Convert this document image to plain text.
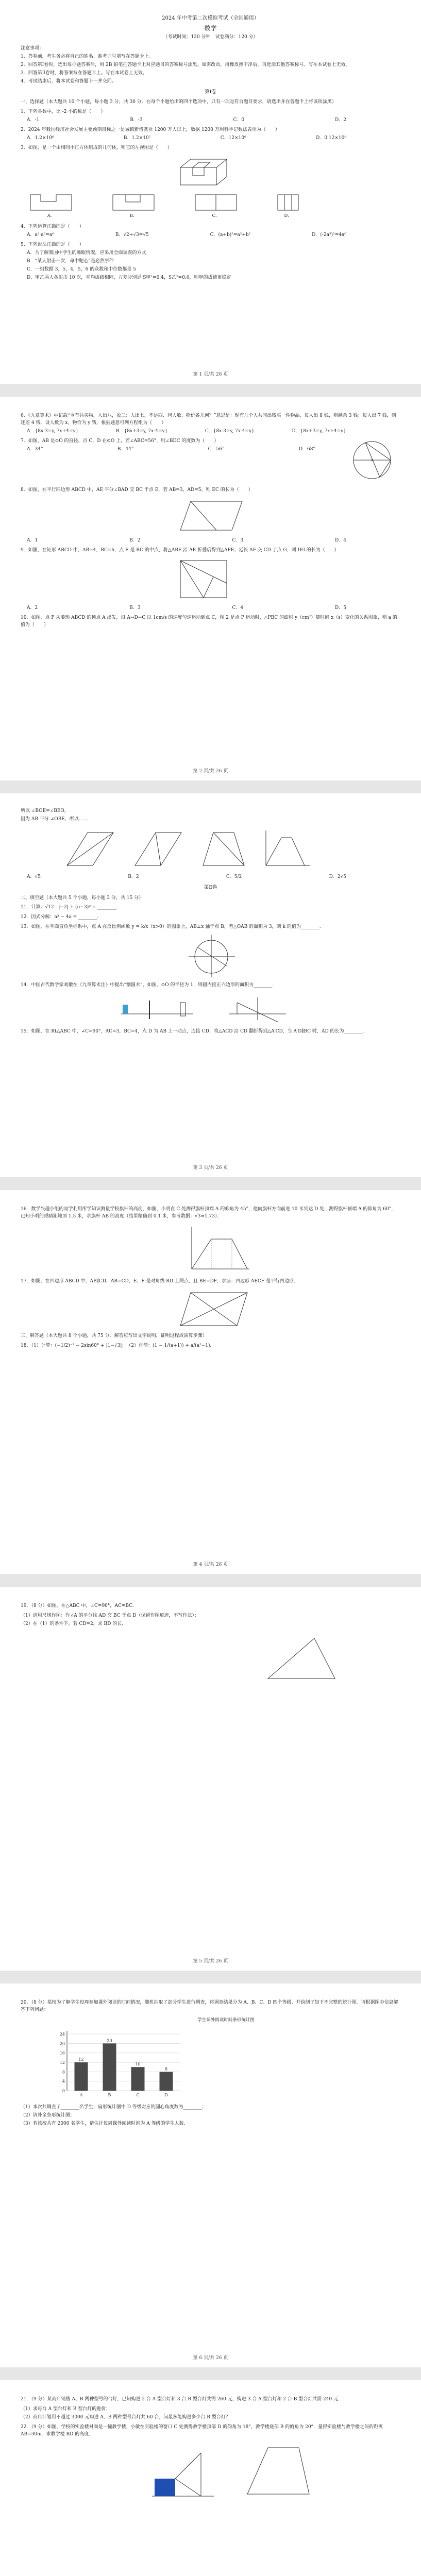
2024 年中考第二次模拟考试（全国通用）
数学
（考试时间：120 分钟　试卷满分：120 分）

注意事项：

1．答卷前，考生务必将自己的姓名、准考证号填写在答题卡上。

2．回答第Ⅰ卷时，选出每小题答案后，用 2B 铅笔把答题卡上对应题目的答案标号涂黑。如需改动，用橡皮擦干净后，再选涂其他答案标号。写在本试卷上无效。

3．回答第Ⅱ卷时，将答案写在答题卡上。写在本试卷上无效。

4．考试结束后，将本试卷和答题卡一并交回。

第Ⅰ卷

一、选择题（本大题共 10 个小题，每小题 3 分，共 30 分．在每个小题给出的四个选项中，只有一项是符合题目要求，请选出并在答题卡上将该项涂黑）

1．下列各数中，比 -2 小的数是（　　）

A．-1	B．-3	C．0	D．2

2．2024 年我国经济社会发展主要预期目标之一是城镇新增就业 1200 万人以上，数据 1200 万用科学记数法表示为（　　）

A．1.2×10⁶	B．1.2×10⁷	C．12×10⁶	D．0.12×10⁸

3．如图，是一个由相同小正方体组成的几何体，则它的左视图是（　　）

A．	B．	C．	D．

4．下列运算正确的是（　　）

A．a²·a³=a⁶	B．√2+√3=√5	C．(a+b)²=a²+b²	D．(-2a³)²=4a⁶

5．下列说法正确的是（　　）

A．为了解我国中学生的睡眠情况，应采用全面调查的方式

B．“某人射击一次，命中靶心”是必然事件

C．一组数据 3，5，4，5，6 的众数和中位数都是 5

D．甲乙两人各射击 10 次，平均成绩相同，方差分别是 S甲²=0.4，S乙²=0.6，则甲的成绩更稳定

第 1 页/共 26 页

6．《九章算术》中记载“今有共买物，人出八，盈三；人出七，不足四．问人数、物价各几何？”意思是：现有几个人共同出钱买一件物品，每人出 8 钱，则剩余 3 钱；每人出 7 钱，则还差 4 钱．设人数为 x，物价为 y 钱，根据题意可列方程组为（　　）

A．{8x-3=y, 7x+4=y}	B．{8x+3=y, 7x-4=y}	C．{8x-3=y, 7x-4=y}	D．{8x+3=y, 7x+4=y}

7．如图，AB 是⊙O 的直径，点 C，D 在⊙O 上，若∠ABC=56°，则∠BDC 的度数为（　　）

A．34°	B．44°	C．56°	D．68°

8．如图，在平行四边形 ABCD 中，AE 平分∠BAD 交 BC 于点 E，若 AB=3，AD=5，则 EC 的长为（　　）

A．1	B．2	C．3	D．4

9．如图，在矩形 ABCD 中，AB=4，BC=6，点 E 是 BC 的中点，将△ABE 沿 AE 折叠后得到△AFE，延长 AF 交 CD 于点 G，则 DG 的长为（　　）

A．2	B．3	C．4	D．5

10．如图，点 P 从菱形 ABCD 的顶点 A 出发，沿 A→D→C 以 1cm/s 的速度匀速运动到点 C，图 2 是点 P 运动时，△PBC 的面积 y（cm²）随时间 x（s）变化的关系图象，则 a 的值为（　　）

第 2 页/共 26 页

所以 ∠BOE=∠BEO，

因为 AB 平分 ∠OBE，所以……

A．√5	B．2	C．5/2	D．2√5
第Ⅱ卷

二、填空题（本大题共 5 个小题，每小题 3 分，共 15 分）

11．计算：√12 - |−2| + (π−3)⁰ = ________．

12．因式分解：a³ − 4a = ________．

13．如图，在平面直角坐标系中，点 A 在反比例函数 y = k/x（x>0）的图象上，AB⊥x 轴于点 B，若△OAB 的面积为 3，则 k 的值为________．

14．中国古代数学家刘徽在《九章算术注》中提出“割圆术”，如图，⊙O 的半径为 1，则圆内接正六边形的面积为________．

15．如图，在 Rt△ABC 中，∠C=90°，AC=3，BC=4，点 D 为 AB 上一动点，连接 CD，将△ACD 沿 CD 翻折得到△A′CD，当 A′D∥BC 时，AD 的长为________．

第 3 页/共 26 页

16．数学兴趣小组的同学利用所学知识测量学校旗杆的高度，如图，小明在 C 处测得旗杆顶端 A 的仰角为 45°，他向旗杆方向前进 10 米到达 D 处，测得旗杆顶端 A 的仰角为 60°，已知小明的眼睛距地面 1.5 米，求旗杆 AB 的高度（结果精确到 0.1 米，参考数据：√3≈1.73）．

17．如图，在四边形 ABCD 中，AB∥CD，AB=CD，E、F 是对角线 BD 上两点，且 BE=DF，求证：四边形 AECF 是平行四边形．

三、解答题（本大题共 8 个小题，共 75 分．解答应写出文字说明，证明过程或演算步骤）

18．（1）计算：(−1/2)⁻² − 2sin60° + |1−√3|；　（2）化简：(1 − 1/(a+1)) ÷ a/(a²−1)．

第 4 页/共 26 页

19．（8 分）如图，在△ABC 中，∠C=90°，AC=BC．

（1）请用尺规作图：作∠A 的平分线 AD 交 BC 于点 D（保留作图痕迹，不写作法）；

（2）在（1）的条件下，若 CD=2，求 BD 的长．

第 5 页/共 26 页

20．（8 分）某校为了解学生每周参加课外阅读的时间情况，随机抽取了部分学生进行调查，将调查结果分为 A、B、C、D 四个等级，并绘制了如下不完整的统计图．请根据图中信息解答下列问题：

学生课外阅读时间条形统计图
0
4
8
12
16
20
24
A
12
B
20
C
10
D
8

（1）本次共调查了________名学生；扇形统计图中 D 等级对应的圆心角度数为________；

（2）请补全条形统计图；

（3）若该校共有 2000 名学生，请估计每周课外阅读时间为 A 等级的学生人数．

第 6 页/共 26 页

21．（9 分）某商店销售 A、B 两种型号的台灯，已知购进 2 台 A 型台灯和 3 台 B 型台灯共需 260 元，购进 3 台 A 型台灯和 2 台 B 型台灯共需 240 元．

（1）求每台 A 型台灯和 B 型台灯的进价；

（2）商店计划用不超过 3000 元购进 A、B 两种型号台灯共 60 台，问最多能购进多少台 B 型台灯？

22．（9 分）如图，学校的实验楼对面是一幢教学楼，小敏在实验楼的窗口 C 处测得教学楼顶部 D 的仰角为 18°，教学楼底部 B 的俯角为 20°，量得实验楼与教学楼之间的距离 AB=30m．求教学楼 BD 的高度．
